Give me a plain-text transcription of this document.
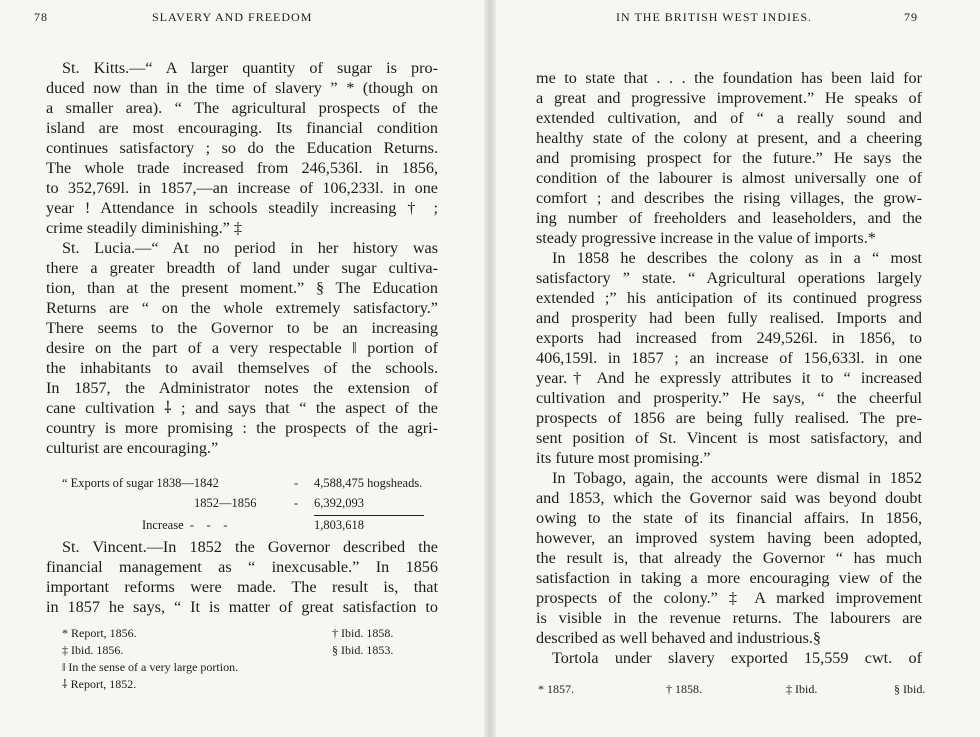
78	SLAVERY AND FREEDOM
St. Kitts.—“ A larger quantity of sugar is pro-
duced now than in the time of slavery ” * (though on
a smaller area). “ The agricultural prospects of the
island are most encouraging. Its financial condition
continues satisfactory ; so do the Education Returns.
The whole trade increased from 246,536l. in 1856,
to 352,769l. in 1857,—an increase of 106,233l. in one
year ! Attendance in schools steadily increasing † ;
crime steadily diminishing.” ‡
St. Lucia.—“ At no period in her history was
there a greater breadth of land under sugar cultiva-
tion, than at the present moment.” § The Education
Returns are “ on the whole extremely satisfactory.”
There seems to the Governor to be an increasing
desire on the part of a very respectable ‖ portion of
the inhabitants to avail themselves of the schools.
In 1857, the Administrator notes the extension of
cane cultivation ⸸ ; and says that “ the aspect of the
country is more promising : the prospects of the agri-
culturist are encouraging.”
“ Exports of sugar 1838—1842	- 4,588,475 hogsheads.
1852—1856	- 6,392,093
Increase  -    -    -	1,803,618
St. Vincent.—In 1852 the Governor described the
financial management as “ inexcusable.” In 1856
important reforms were made. The result is, that
in 1857 he says, “ It is matter of great satisfaction to
* Report, 1856.	† Ibid. 1858.
‡ Ibid. 1856.	§ Ibid. 1853.
‖ In the sense of a very large portion.
⸸ Report, 1852.
IN THE BRITISH WEST INDIES.	79
me to state that . . . the foundation has been laid for
a great and progressive improvement.” He speaks of
extended cultivation, and of “ a really sound and
healthy state of the colony at present, and a cheering
and promising prospect for the future.” He says the
condition of the labourer is almost universally one of
comfort ; and describes the rising villages, the grow-
ing number of freeholders and leaseholders, and the
steady progressive increase in the value of imports.*
In 1858 he describes the colony as in a “ most
satisfactory ” state. “ Agricultural operations largely
extended ;” his anticipation of its continued progress
and prosperity had been fully realised. Imports and
exports had increased from 249,526l. in 1856, to
406,159l. in 1857 ; an increase of 156,633l. in one
year.† And he expressly attributes it to “ increased
cultivation and prosperity.” He says, “ the cheerful
prospects of 1856 are being fully realised. The pre-
sent position of St. Vincent is most satisfactory, and
its future most promising.”
In Tobago, again, the accounts were dismal in 1852
and 1853, which the Governor said was beyond doubt
owing to the state of its financial affairs. In 1856,
however, an improved system having been adopted,
the result is, that already the Governor “ has much
satisfaction in taking a more encouraging view of the
prospects of the colony.” ‡ A marked improvement
is visible in the revenue returns. The labourers are
described as well behaved and industrious.§
Tortola under slavery exported 15,559 cwt. of
* 1857.	† 1858.	‡ Ibid.	§ Ibid.
